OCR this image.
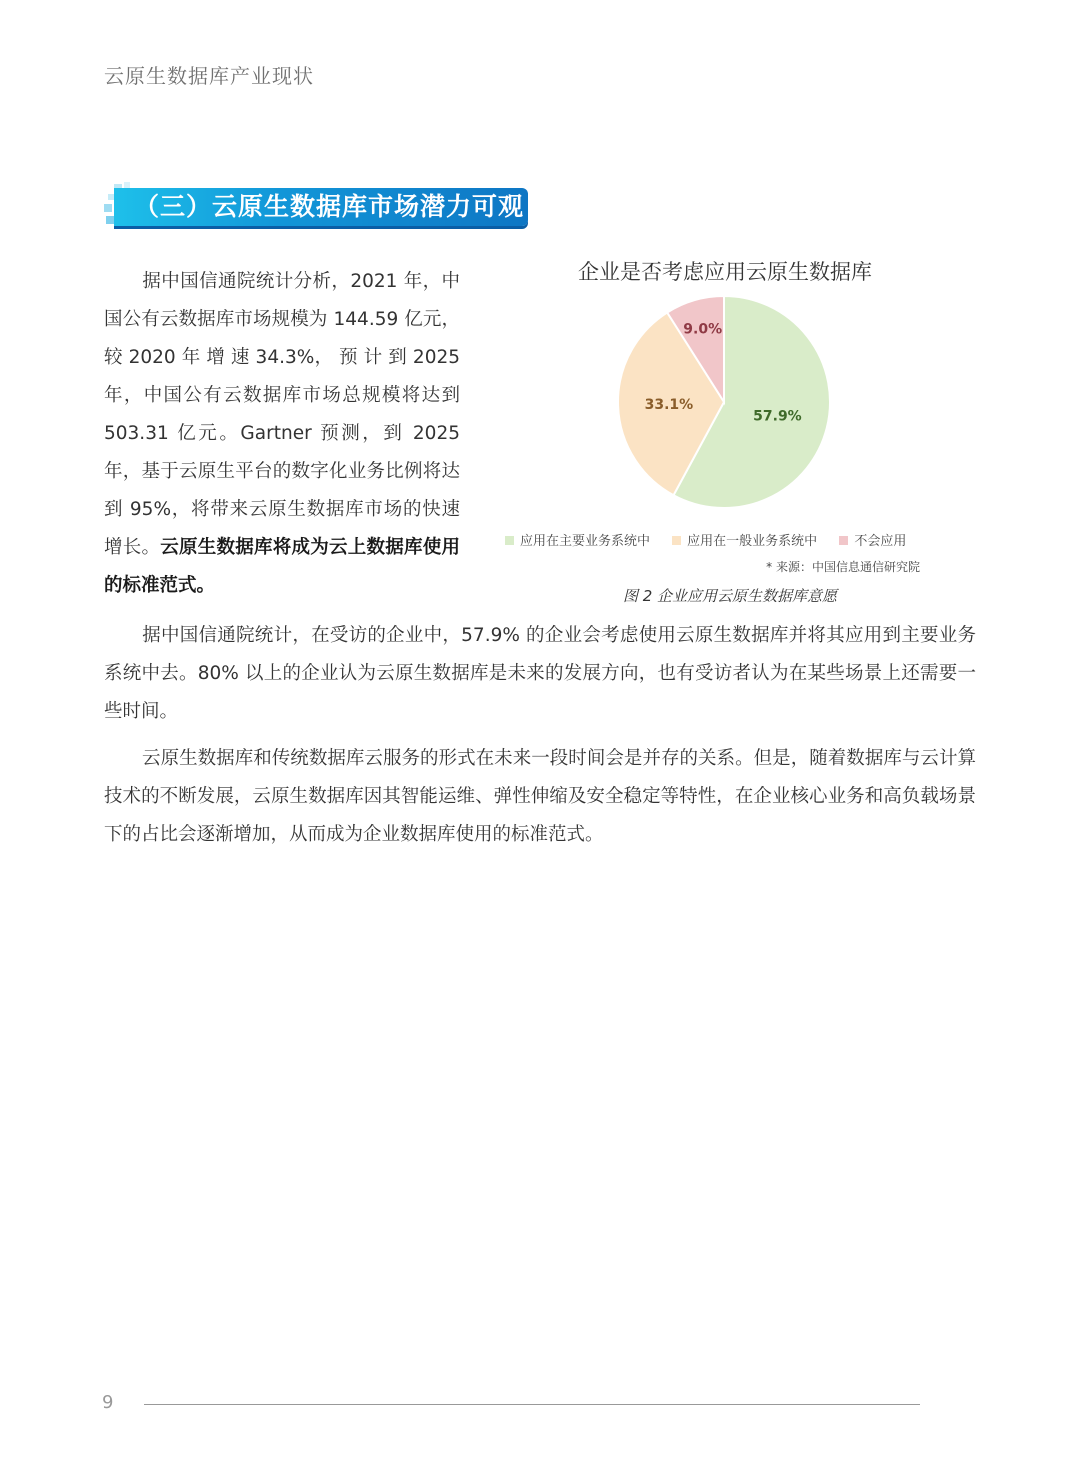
云原生数据库产业现状
（三）云原生数据库市场潜力可观

据中国信通院统计分析，2021 年，中国公有云数据库市场规模为 144.59 亿元，较 2020 年 增 速 34.3%， 预 计 到 2025 年，中国公有云数据库市场总规模将达到 503.31 亿元。Gartner 预测，到 2025 年，基于云原生平台的数字化业务比例将达到 95%，将带来云原生数据库市场的快速增长。云原生数据库将成为云上数据库使用的标准范式。

企业是否考虑应用云原生数据库
57.9%
33.1%
9.0%
应用在主要业务系统中	应用在一般业务系统中	不会应用
* 来源：中国信息通信研究院
图 2 企业应用云原生数据库意愿

据中国信通院统计，在受访的企业中，57.9% 的企业会考虑使用云原生数据库并将其应用到主要业务系统中去。80% 以上的企业认为云原生数据库是未来的发展方向，也有受访者认为在某些场景上还需要一些时间。

云原生数据库和传统数据库云服务的形式在未来一段时间会是并存的关系。但是，随着数据库与云计算技术的不断发展，云原生数据库因其智能运维、弹性伸缩及安全稳定等特性，在企业核心业务和高负载场景下的占比会逐渐增加，从而成为企业数据库使用的标准范式。

9
